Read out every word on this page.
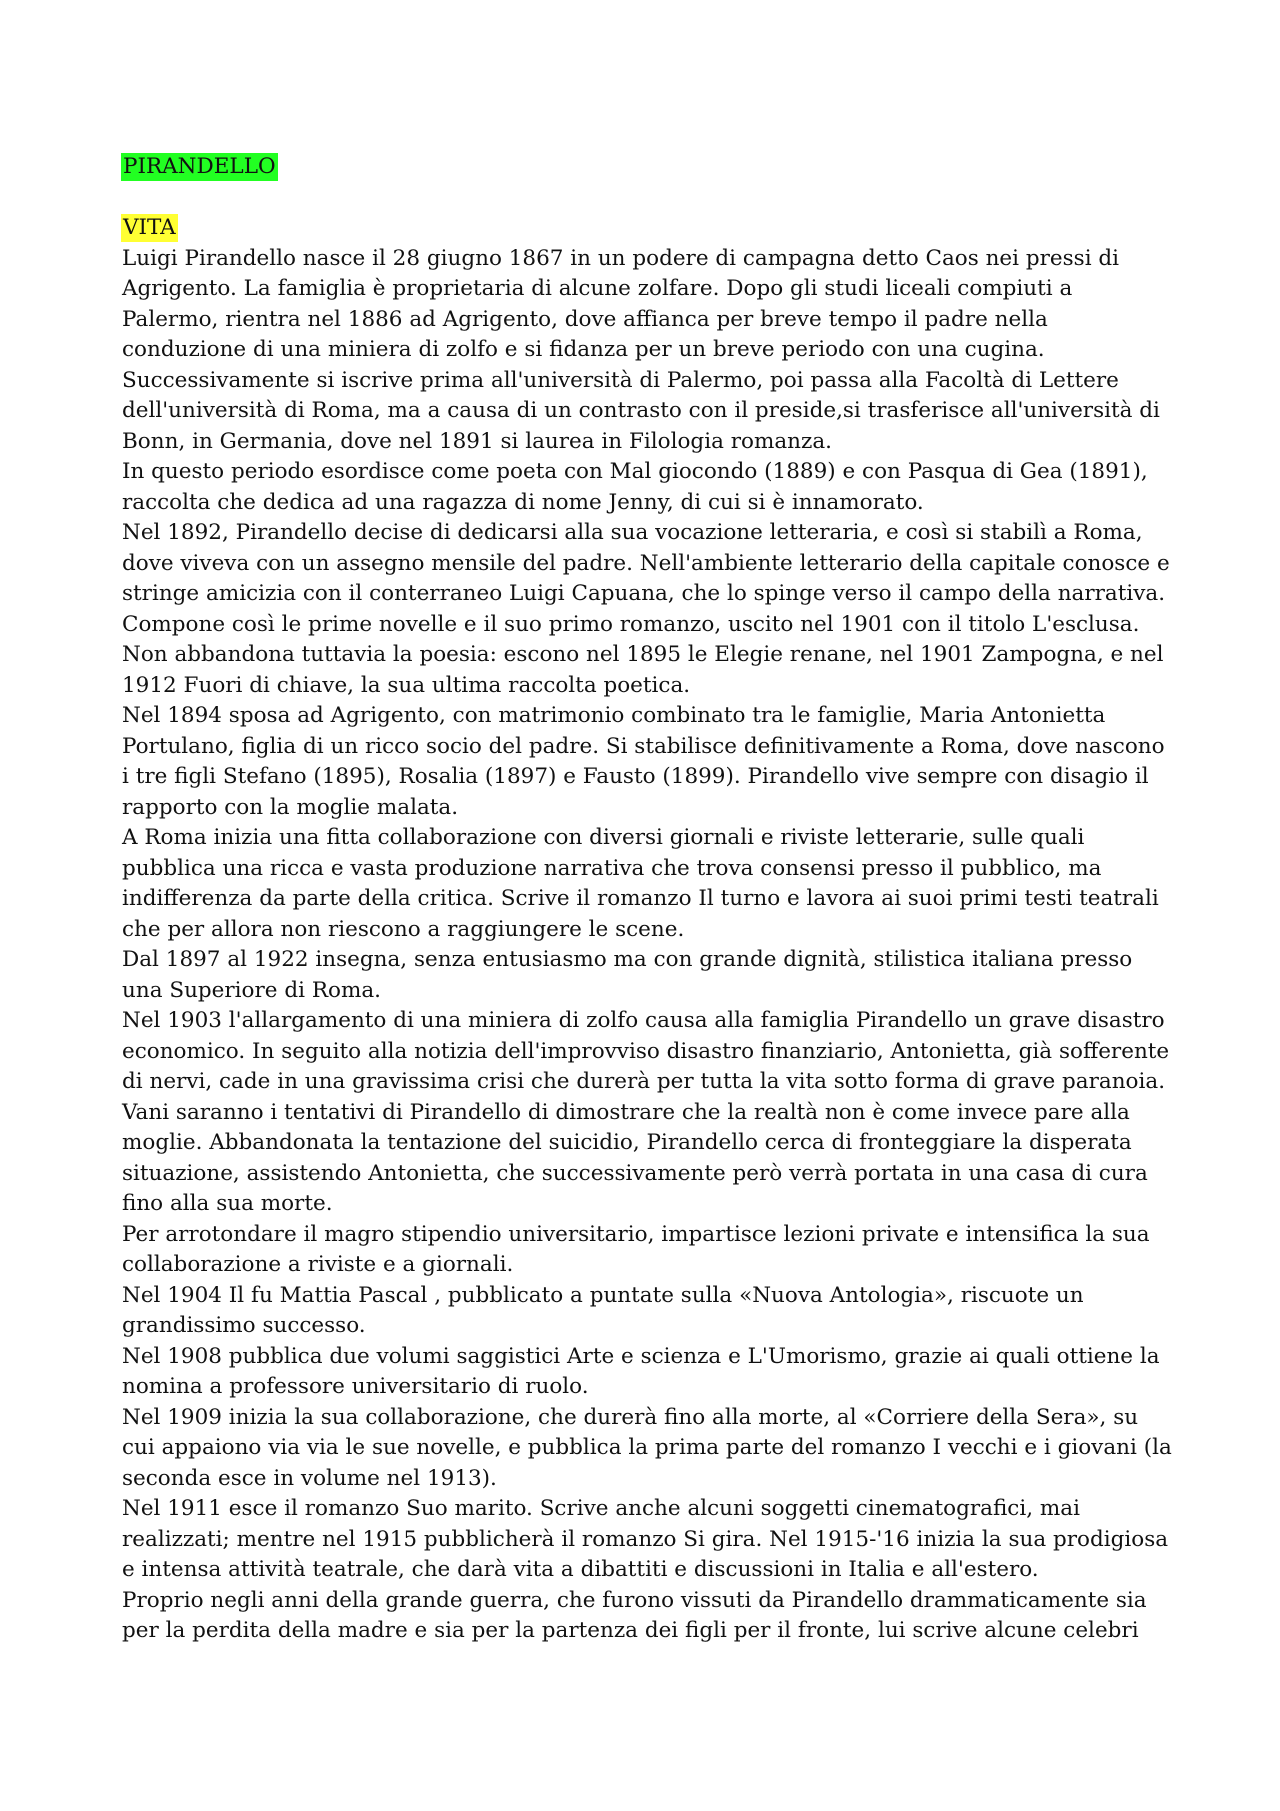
PIRANDELLO
VITA

Luigi Pirandello nasce il 28 giugno 1867 in un podere di campagna detto Caos nei pressi di Agrigento. La famiglia è proprietaria di alcune zolfare. Dopo gli studi liceali compiuti a Palermo, rientra nel 1886 ad Agrigento, dove affianca per breve tempo il padre nella conduzione di una miniera di zolfo e si fidanza per un breve periodo con una cugina. Successivamente si iscrive prima all'università di Palermo, poi passa alla Facoltà di Lettere dell'università di Roma, ma a causa di un contrasto con il preside,si trasferisce all'università di Bonn, in Germania, dove nel 1891 si laurea in Filologia romanza.

In questo periodo esordisce come poeta con Mal giocondo (1889) e con Pasqua di Gea (1891), raccolta che dedica ad una ragazza di nome Jenny, di cui si è innamorato.

Nel 1892, Pirandello decise di dedicarsi alla sua vocazione letteraria, e così si stabilì a Roma, dove viveva con un assegno mensile del padre. Nell'ambiente letterario della capitale conosce e stringe amicizia con il conterraneo Luigi Capuana, che lo spinge verso il campo della narrativa. Compone così le prime novelle e il suo primo romanzo, uscito nel 1901 con il titolo L'esclusa. Non abbandona tuttavia la poesia: escono nel 1895 le Elegie renane, nel 1901 Zampogna, e nel 1912 Fuori di chiave, la sua ultima raccolta poetica.

Nel 1894 sposa ad Agrigento, con matrimonio combinato tra le famiglie, Maria Antonietta Portulano, figlia di un ricco socio del padre. Si stabilisce definitivamente a Roma, dove nascono i tre figli Stefano (1895), Rosalia (1897) e Fausto (1899). Pirandello vive sempre con disagio il rapporto con la moglie malata.

A Roma inizia una fitta collaborazione con diversi giornali e riviste letterarie, sulle quali pubblica una ricca e vasta produzione narrativa che trova consensi presso il pubblico, ma indifferenza da parte della critica. Scrive il romanzo Il turno e lavora ai suoi primi testi teatrali che per allora non riescono a raggiungere le scene.

Dal 1897 al 1922 insegna, senza entusiasmo ma con grande dignità, stilistica italiana presso una Superiore di Roma.

Nel 1903 l'allargamento di una miniera di zolfo causa alla famiglia Pirandello un grave disastro economico. In seguito alla notizia dell'improvviso disastro finanziario, Antonietta, già sofferente di nervi, cade in una gravissima crisi che durerà per tutta la vita sotto forma di grave paranoia. Vani saranno i tentativi di Pirandello di dimostrare che la realtà non è come invece pare alla moglie. Abbandonata la tentazione del suicidio, Pirandello cerca di fronteggiare la disperata situazione, assistendo Antonietta, che successivamente però verrà portata in una casa di cura fino alla sua morte.

Per arrotondare il magro stipendio universitario, impartisce lezioni private e intensifica la sua collaborazione a riviste e a giornali.

Nel 1904 Il fu Mattia Pascal , pubblicato a puntate sulla «Nuova Antologia», riscuote un grandissimo successo.

Nel 1908 pubblica due volumi saggistici Arte e scienza e L'Umorismo, grazie ai quali ottiene la nomina a professore universitario di ruolo.

Nel 1909 inizia la sua collaborazione, che durerà fino alla morte, al «Corriere della Sera», su cui appaiono via via le sue novelle, e pubblica la prima parte del romanzo I vecchi e i giovani (la seconda esce in volume nel 1913).

Nel 1911 esce il romanzo Suo marito. Scrive anche alcuni soggetti cinematografici, mai realizzati; mentre nel 1915 pubblicherà il romanzo Si gira. Nel 1915-'16 inizia la sua prodigiosa e intensa attività teatrale, che darà vita a dibattiti e discussioni in Italia e all'estero.

Proprio negli anni della grande guerra, che furono vissuti da Pirandello drammaticamente sia per la perdita della madre e sia per la partenza dei figli per il fronte, lui scrive alcune celebri
